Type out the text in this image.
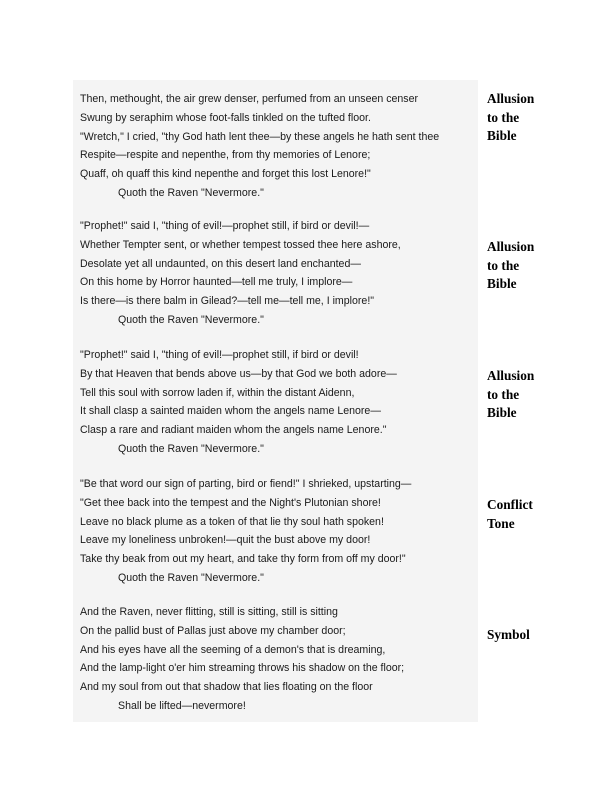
Then, methought, the air grew denser, perfumed from an unseen censer
Swung by seraphim whose foot-falls tinkled on the tufted floor.
"Wretch," I cried, "thy God hath lent thee—by these angels he hath sent thee
Respite—respite and nepenthe, from thy memories of Lenore;
Quaff, oh quaff this kind nepenthe and forget this lost Lenore!"
Quoth the Raven "Nevermore."
"Prophet!" said I, "thing of evil!—prophet still, if bird or devil!—
Whether Tempter sent, or whether tempest tossed thee here ashore,
Desolate yet all undaunted, on this desert land enchanted—
On this home by Horror haunted—tell me truly, I implore—
Is there—is there balm in Gilead?—tell me—tell me, I implore!"
Quoth the Raven "Nevermore."
"Prophet!" said I, "thing of evil!—prophet still, if bird or devil!
By that Heaven that bends above us—by that God we both adore—
Tell this soul with sorrow laden if, within the distant Aidenn,
It shall clasp a sainted maiden whom the angels name Lenore—
Clasp a rare and radiant maiden whom the angels name Lenore."
Quoth the Raven "Nevermore."
"Be that word our sign of parting, bird or fiend!" I shrieked, upstarting—
"Get thee back into the tempest and the Night's Plutonian shore!
Leave no black plume as a token of that lie thy soul hath spoken!
Leave my loneliness unbroken!—quit the bust above my door!
Take thy beak from out my heart, and take thy form from off my door!"
Quoth the Raven "Nevermore."
And the Raven, never flitting, still is sitting, still is sitting
On the pallid bust of Pallas just above my chamber door;
And his eyes have all the seeming of a demon's that is dreaming,
And the lamp-light o'er him streaming throws his shadow on the floor;
And my soul from out that shadow that lies floating on the floor
Shall be lifted—nevermore!
Allusion
to the
Bible
Allusion
to the
Bible
Allusion
to the
Bible
Conflict
Tone
Symbol
